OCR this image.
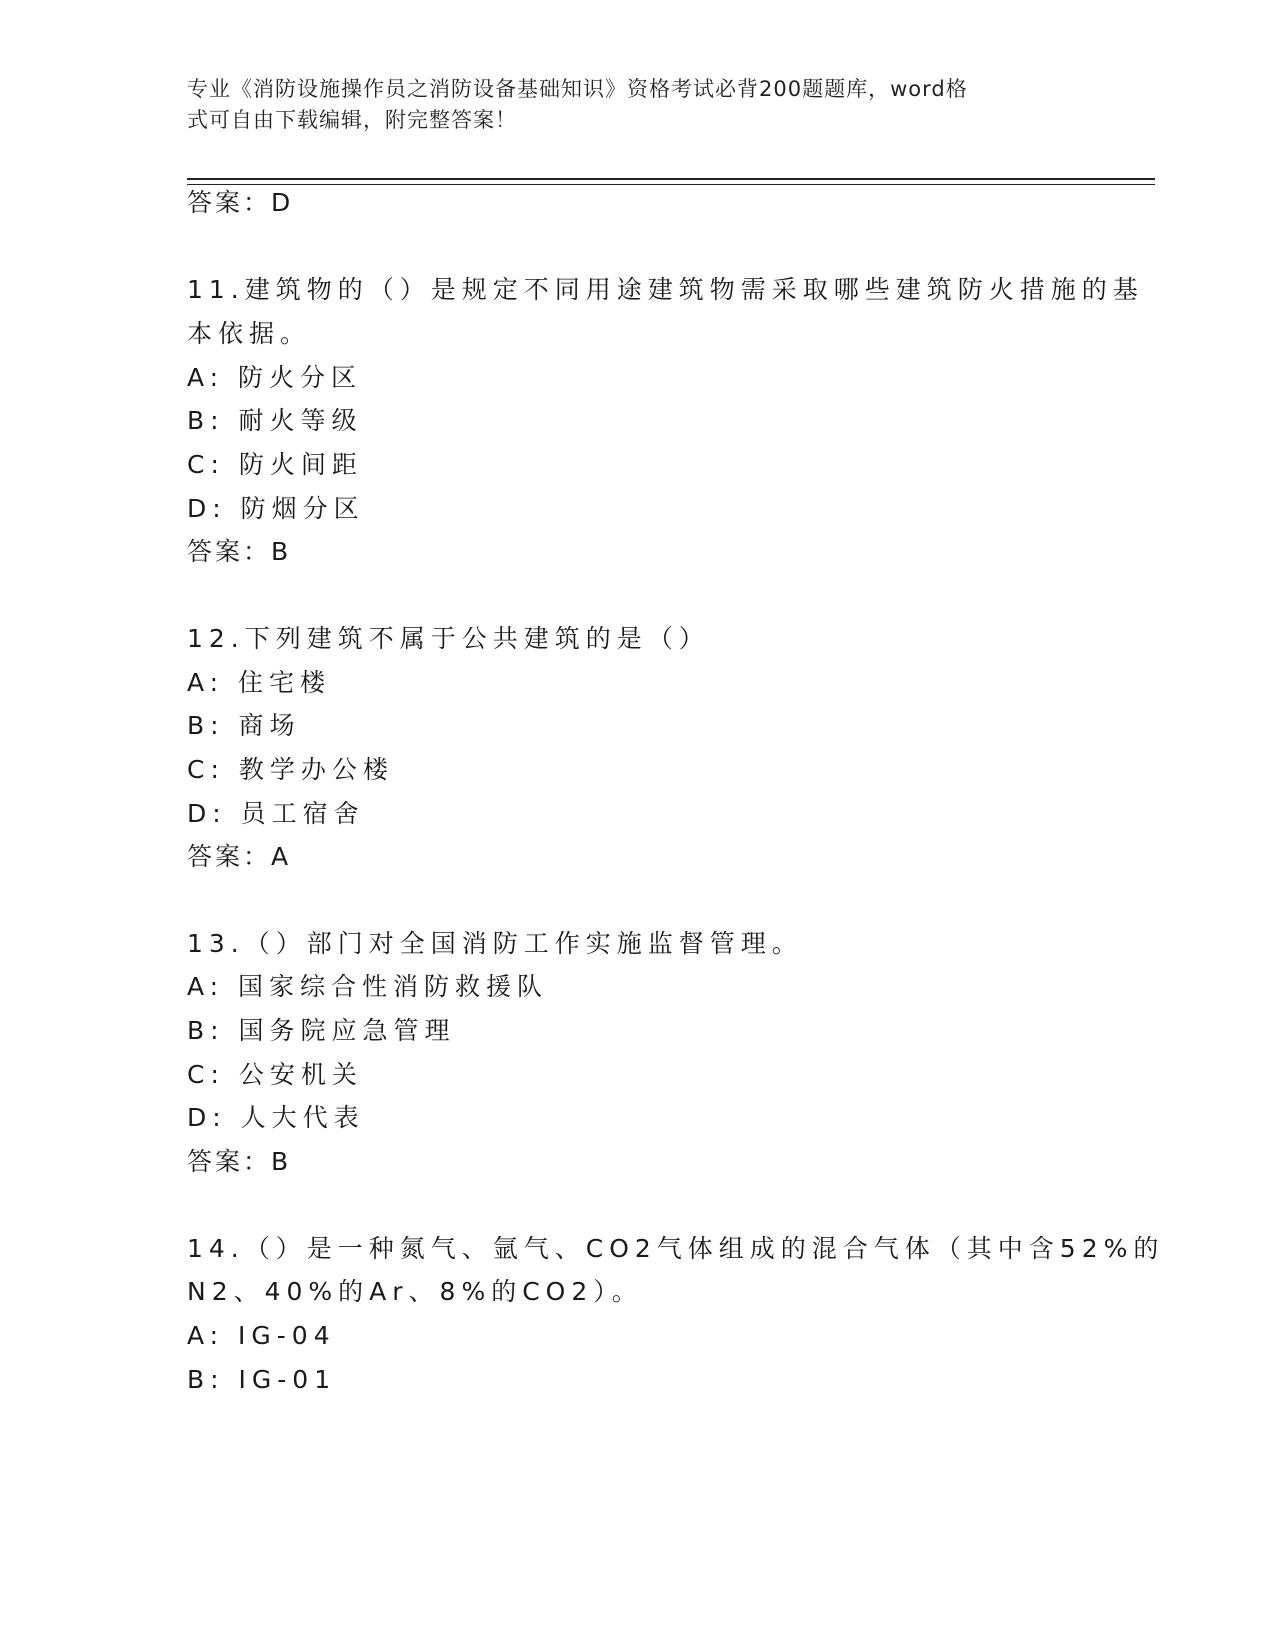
专业《消防设施操作员之消防设备基础知识》资格考试必背200题题库，word格
式可自由下载编辑，附完整答案！
答案：D
11.建筑物的（）是规定不同用途建筑物需采取哪些建筑防火措施的基
本依据。
A: 防火分区
B: 耐火等级
C: 防火间距
D: 防烟分区
答案：B
12.下列建筑不属于公共建筑的是（）
A: 住宅楼
B: 商场
C: 教学办公楼
D: 员工宿舍
答案：A
13.（）部门对全国消防工作实施监督管理。
A: 国家综合性消防救援队
B: 国务院应急管理
C: 公安机关
D: 人大代表
答案：B
14.（）是一种氮气、氩气、CO2气体组成的混合气体（其中含52%的
N2、40%的Ar、8%的CO2）。
A: IG-04
B: IG-01
